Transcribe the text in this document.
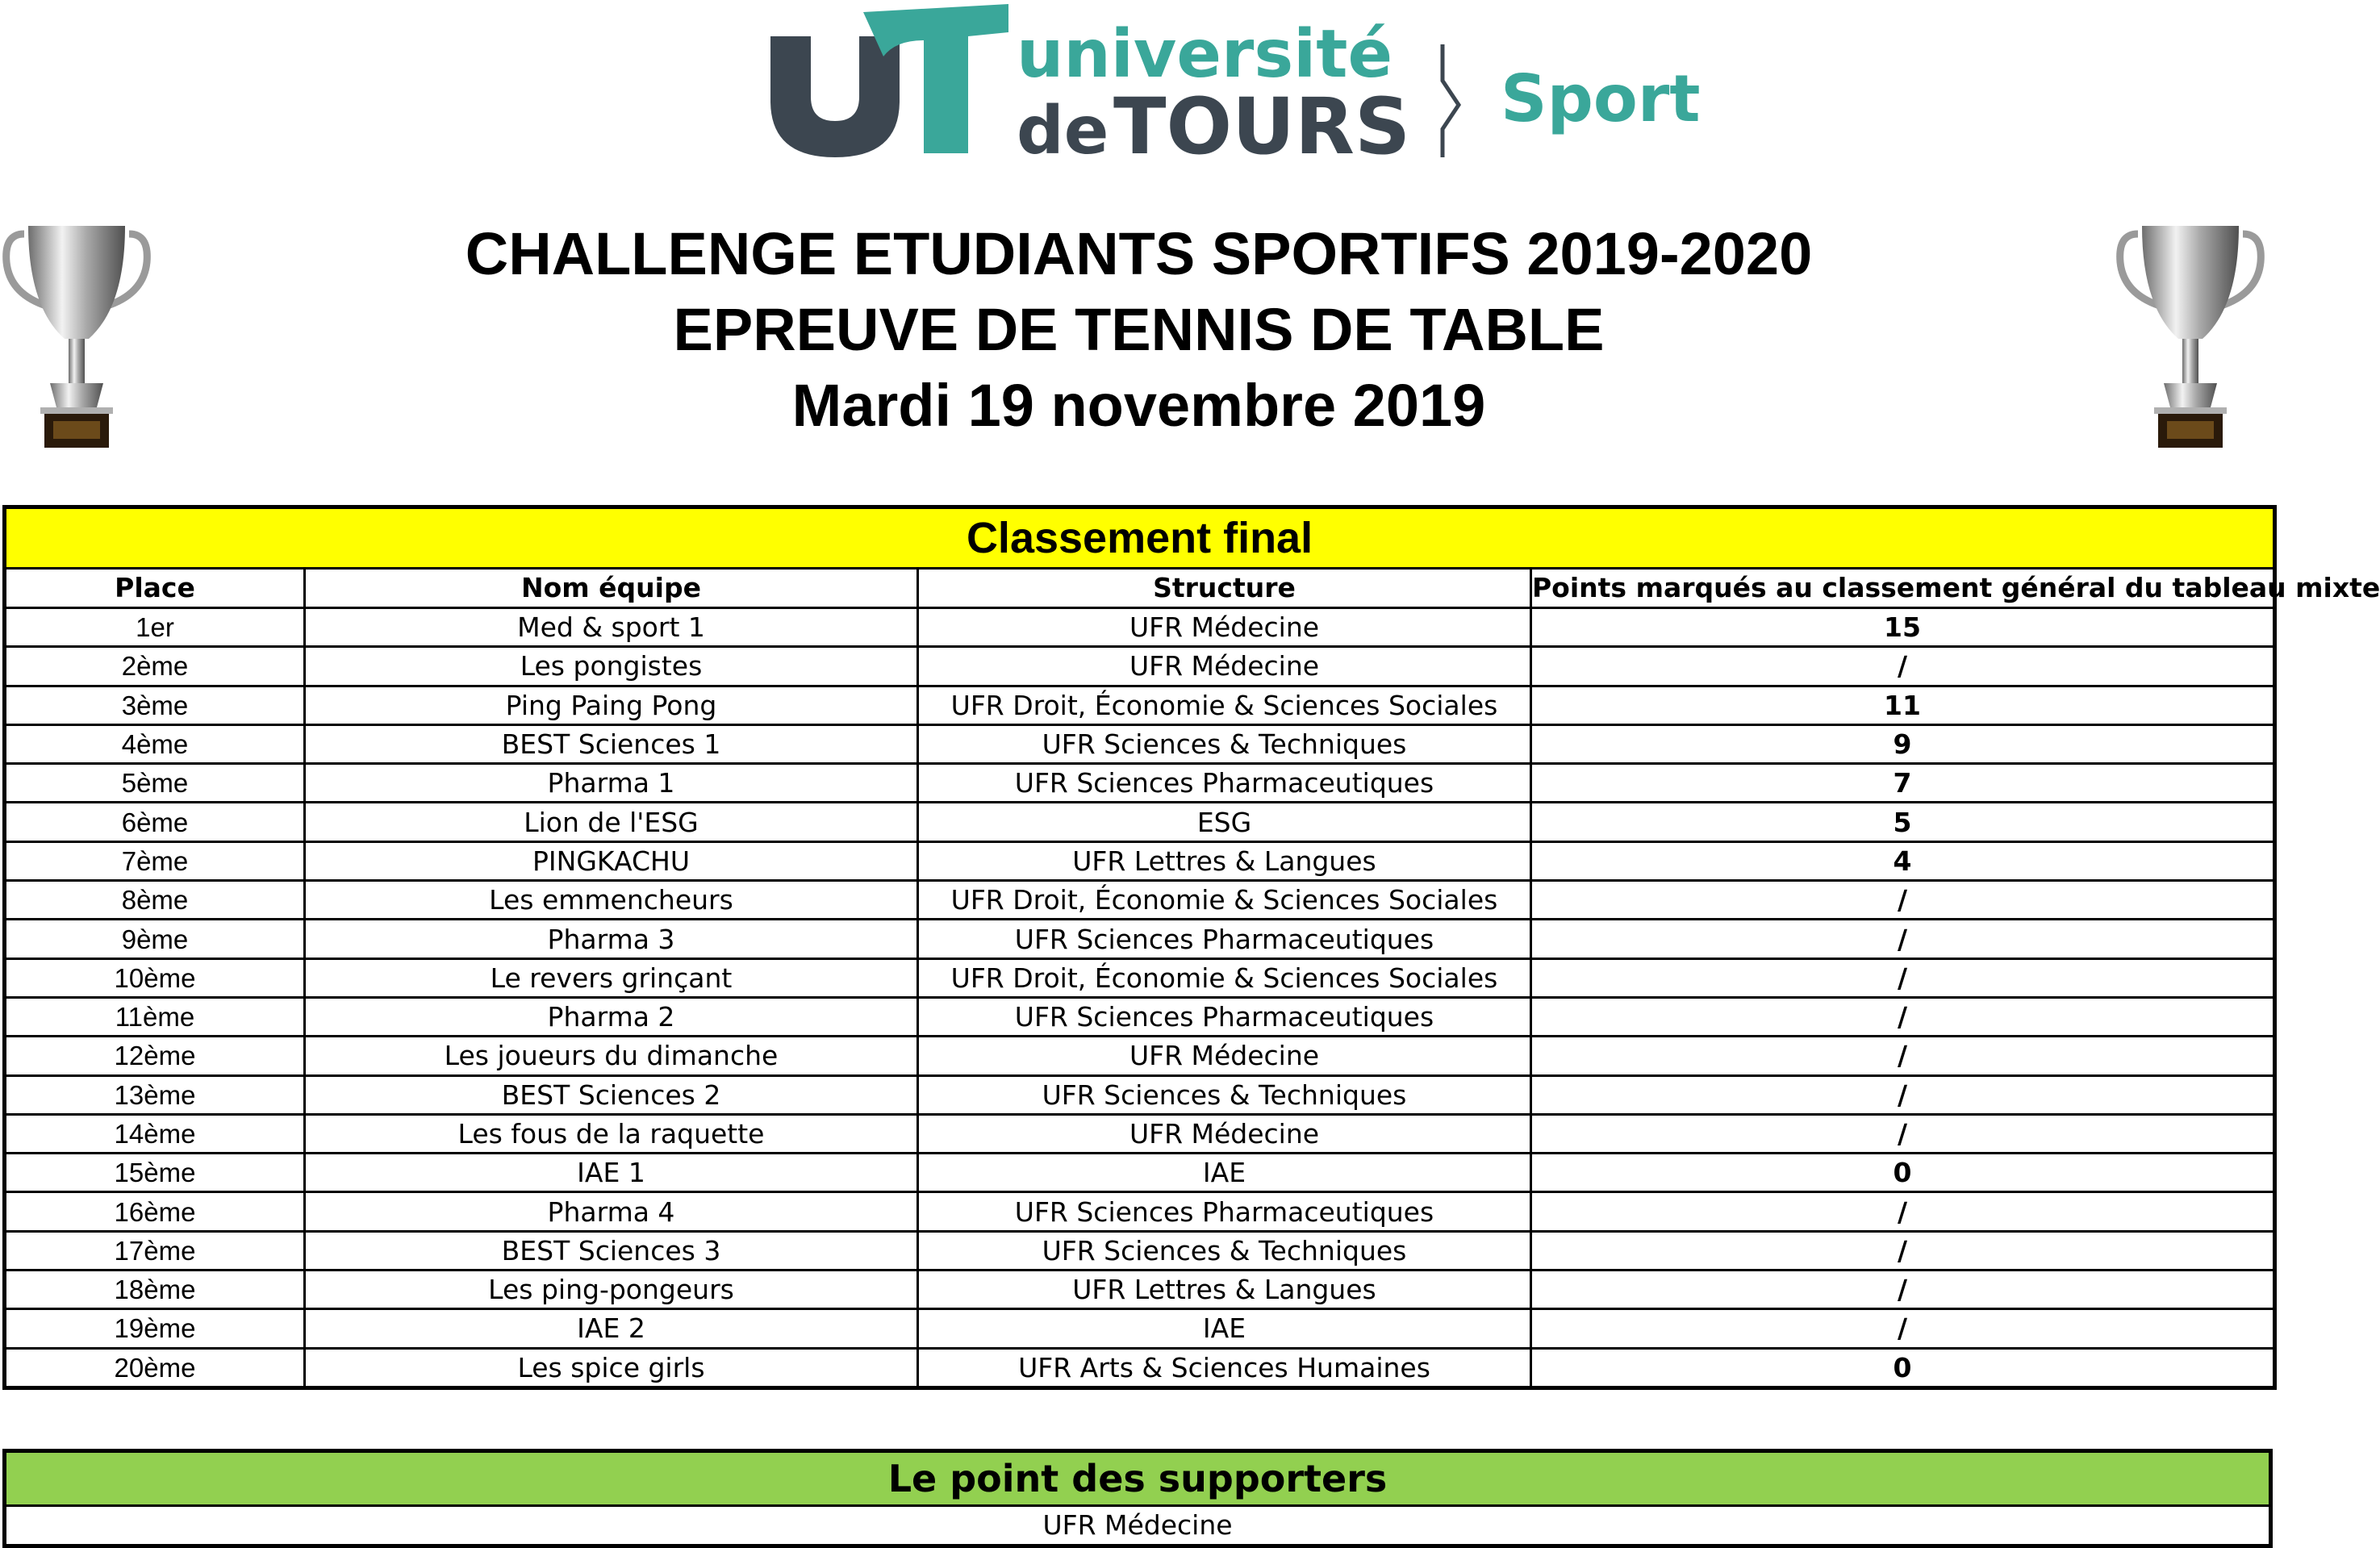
université
de TOURS Sport
CHALLENGE ETUDIANTS SPORTIFS 2019-2020
EPREUVE DE TENNIS DE TABLE
Mardi 19 novembre 2019
Classement final			
Place	Nom équipe	Structure	Points marqués au classement général du tableau mixte
1er	Med & sport 1	UFR Médecine	15
2ème	Les pongistes	UFR Médecine	/
3ème	Ping Paing Pong	UFR Droit, Économie & Sciences Sociales	11
4ème	BEST Sciences 1	UFR Sciences & Techniques	9
5ème	Pharma 1	UFR Sciences Pharmaceutiques	7
6ème	Lion de l'ESG	ESG	5
7ème	PINGKACHU	UFR Lettres & Langues	4
8ème	Les emmencheurs	UFR Droit, Économie & Sciences Sociales	/
9ème	Pharma 3	UFR Sciences Pharmaceutiques	/
10ème	Le revers grinçant	UFR Droit, Économie & Sciences Sociales	/
11ème	Pharma 2	UFR Sciences Pharmaceutiques	/
12ème	Les joueurs du dimanche	UFR Médecine	/
13ème	BEST Sciences 2	UFR Sciences & Techniques	/
14ème	Les fous de la raquette	UFR Médecine	/
15ème	IAE 1	IAE	0
16ème	Pharma 4	UFR Sciences Pharmaceutiques	/
17ème	BEST Sciences 3	UFR Sciences & Techniques	/
18ème	Les ping-pongeurs	UFR Lettres & Langues	/
19ème	IAE 2	IAE	/
20ème	Les spice girls	UFR Arts & Sciences Humaines	0
Le point des supporters
UFR Médecine
